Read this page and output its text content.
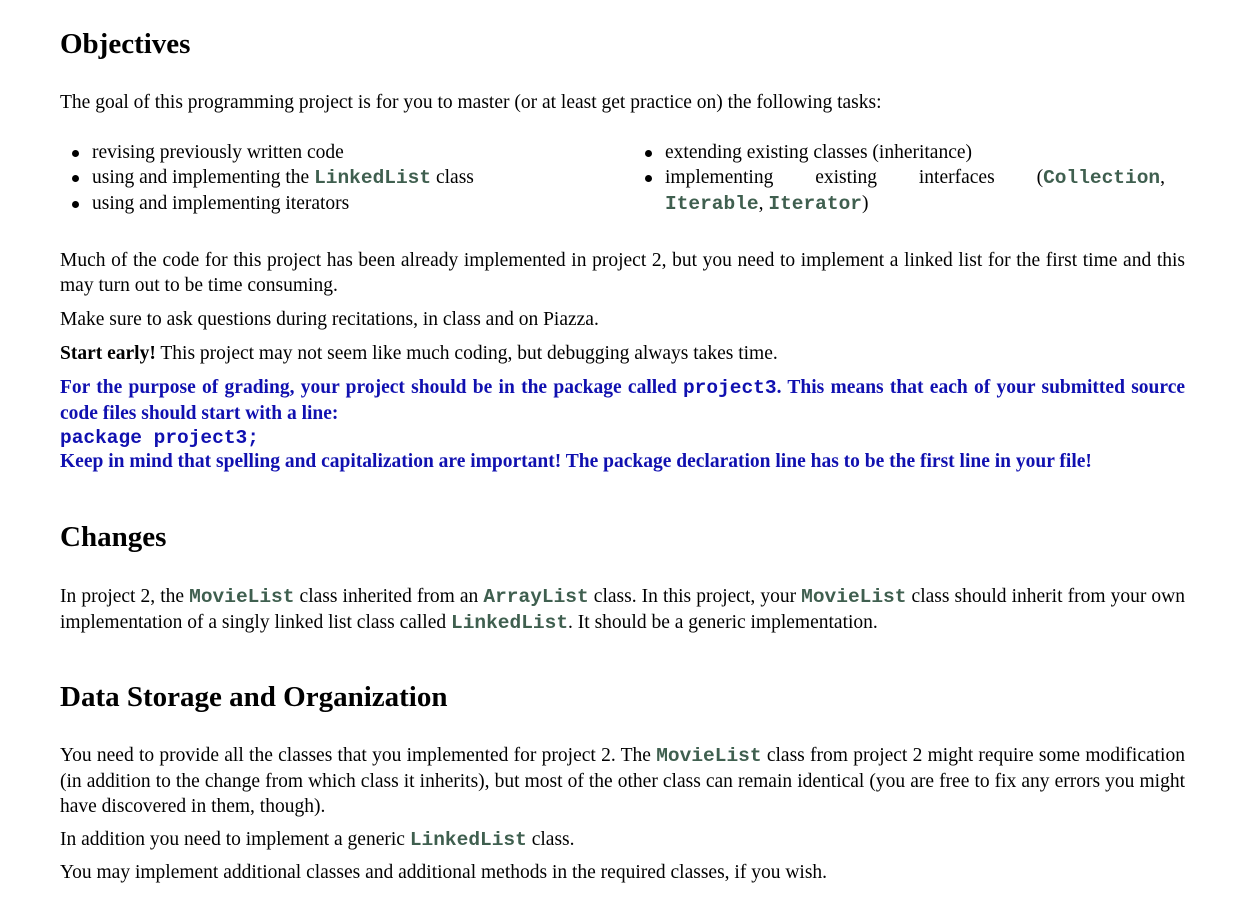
Objectives

The goal of this programming project is for you to master (or at least get practice on) the following tasks:

revising previously written code
using and implementing the LinkedList class
using and implementing iterators
extending existing classes (inheritance)
implementing existing interfaces (Collection,
Iterable, Iterator)

Much of the code for this project has been already implemented in project 2, but you need to implement a linked list for the first time and this may turn out to be time consuming.

Make sure to ask questions during recitations, in class and on Piazza.

Start early! This project may not seem like much coding, but debugging always takes time.

For the purpose of grading, your project should be in the package called project3. This means that each of your submitted source code files should start with a line:

package project3;

Keep in mind that spelling and capitalization are important! The package declaration line has to be the first line in your file!

Changes

In project 2, the MovieList class inherited from an ArrayList class. In this project, your MovieList class should inherit from your own implementation of a singly linked list class called LinkedList. It should be a generic implementation.

Data Storage and Organization

You need to provide all the classes that you implemented for project 2. The MovieList class from project 2 might require some modification (in addition to the change from which class it inherits), but most of the other class can remain identical (you are free to fix any errors you might have discovered in them, though).

In addition you need to implement a generic LinkedList class.

You may implement additional classes and additional methods in the required classes, if you wish.
